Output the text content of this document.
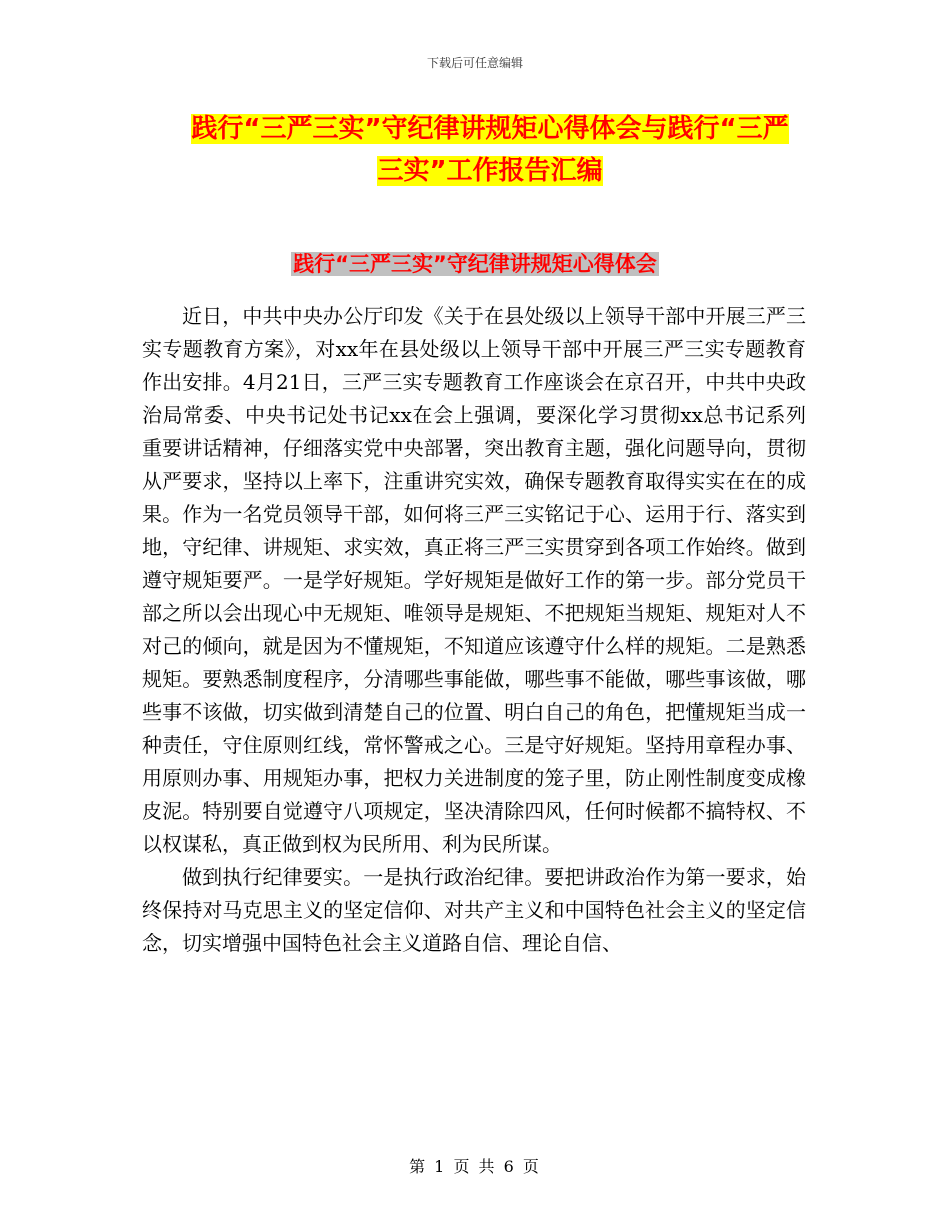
下载后可任意编辑
践行“三严三实”守纪律讲规矩心得体会与践行“三严三实”工作报告汇编
践行“三严三实”守纪律讲规矩心得体会

近日，中共中央办公厅印发《关于在县处级以上领导干部中开展三严三实专题教育方案》，对xx年在县处级以上领导干部中开展三严三实专题教育作出安排。4月21日，三严三实专题教育工作座谈会在京召开，中共中央政治局常委、中央书记处书记xx在会上强调，要深化学习贯彻xx总书记系列重要讲话精神，仔细落实党中央部署，突出教育主题，强化问题导向，贯彻从严要求，坚持以上率下，注重讲究实效，确保专题教育取得实实在在的成果。作为一名党员领导干部，如何将三严三实铭记于心、运用于行、落实到地，守纪律、讲规矩、求实效，真正将三严三实贯穿到各项工作始终。做到遵守规矩要严。一是学好规矩。学好规矩是做好工作的第一步。部分党员干部之所以会出现心中无规矩、唯领导是规矩、不把规矩当规矩、规矩对人不对己的倾向，就是因为不懂规矩，不知道应该遵守什么样的规矩。二是熟悉规矩。要熟悉制度程序，分清哪些事能做，哪些事不能做，哪些事该做，哪些事不该做，切实做到清楚自己的位置、明白自己的角色，把懂规矩当成一种责任，守住原则红线，常怀警戒之心。三是守好规矩。坚持用章程办事、用原则办事、用规矩办事，把权力关进制度的笼子里，防止刚性制度变成橡皮泥。特别要自觉遵守八项规定，坚决清除四风，任何时候都不搞特权、不以权谋私，真正做到权为民所用、利为民所谋。

做到执行纪律要实。一是执行政治纪律。要把讲政治作为第一要求，始终保持对马克思主义的坚定信仰、对共产主义和中国特色社会主义的坚定信念，切实增强中国特色社会主义道路自信、理论自信、

第 1 页 共 6 页
